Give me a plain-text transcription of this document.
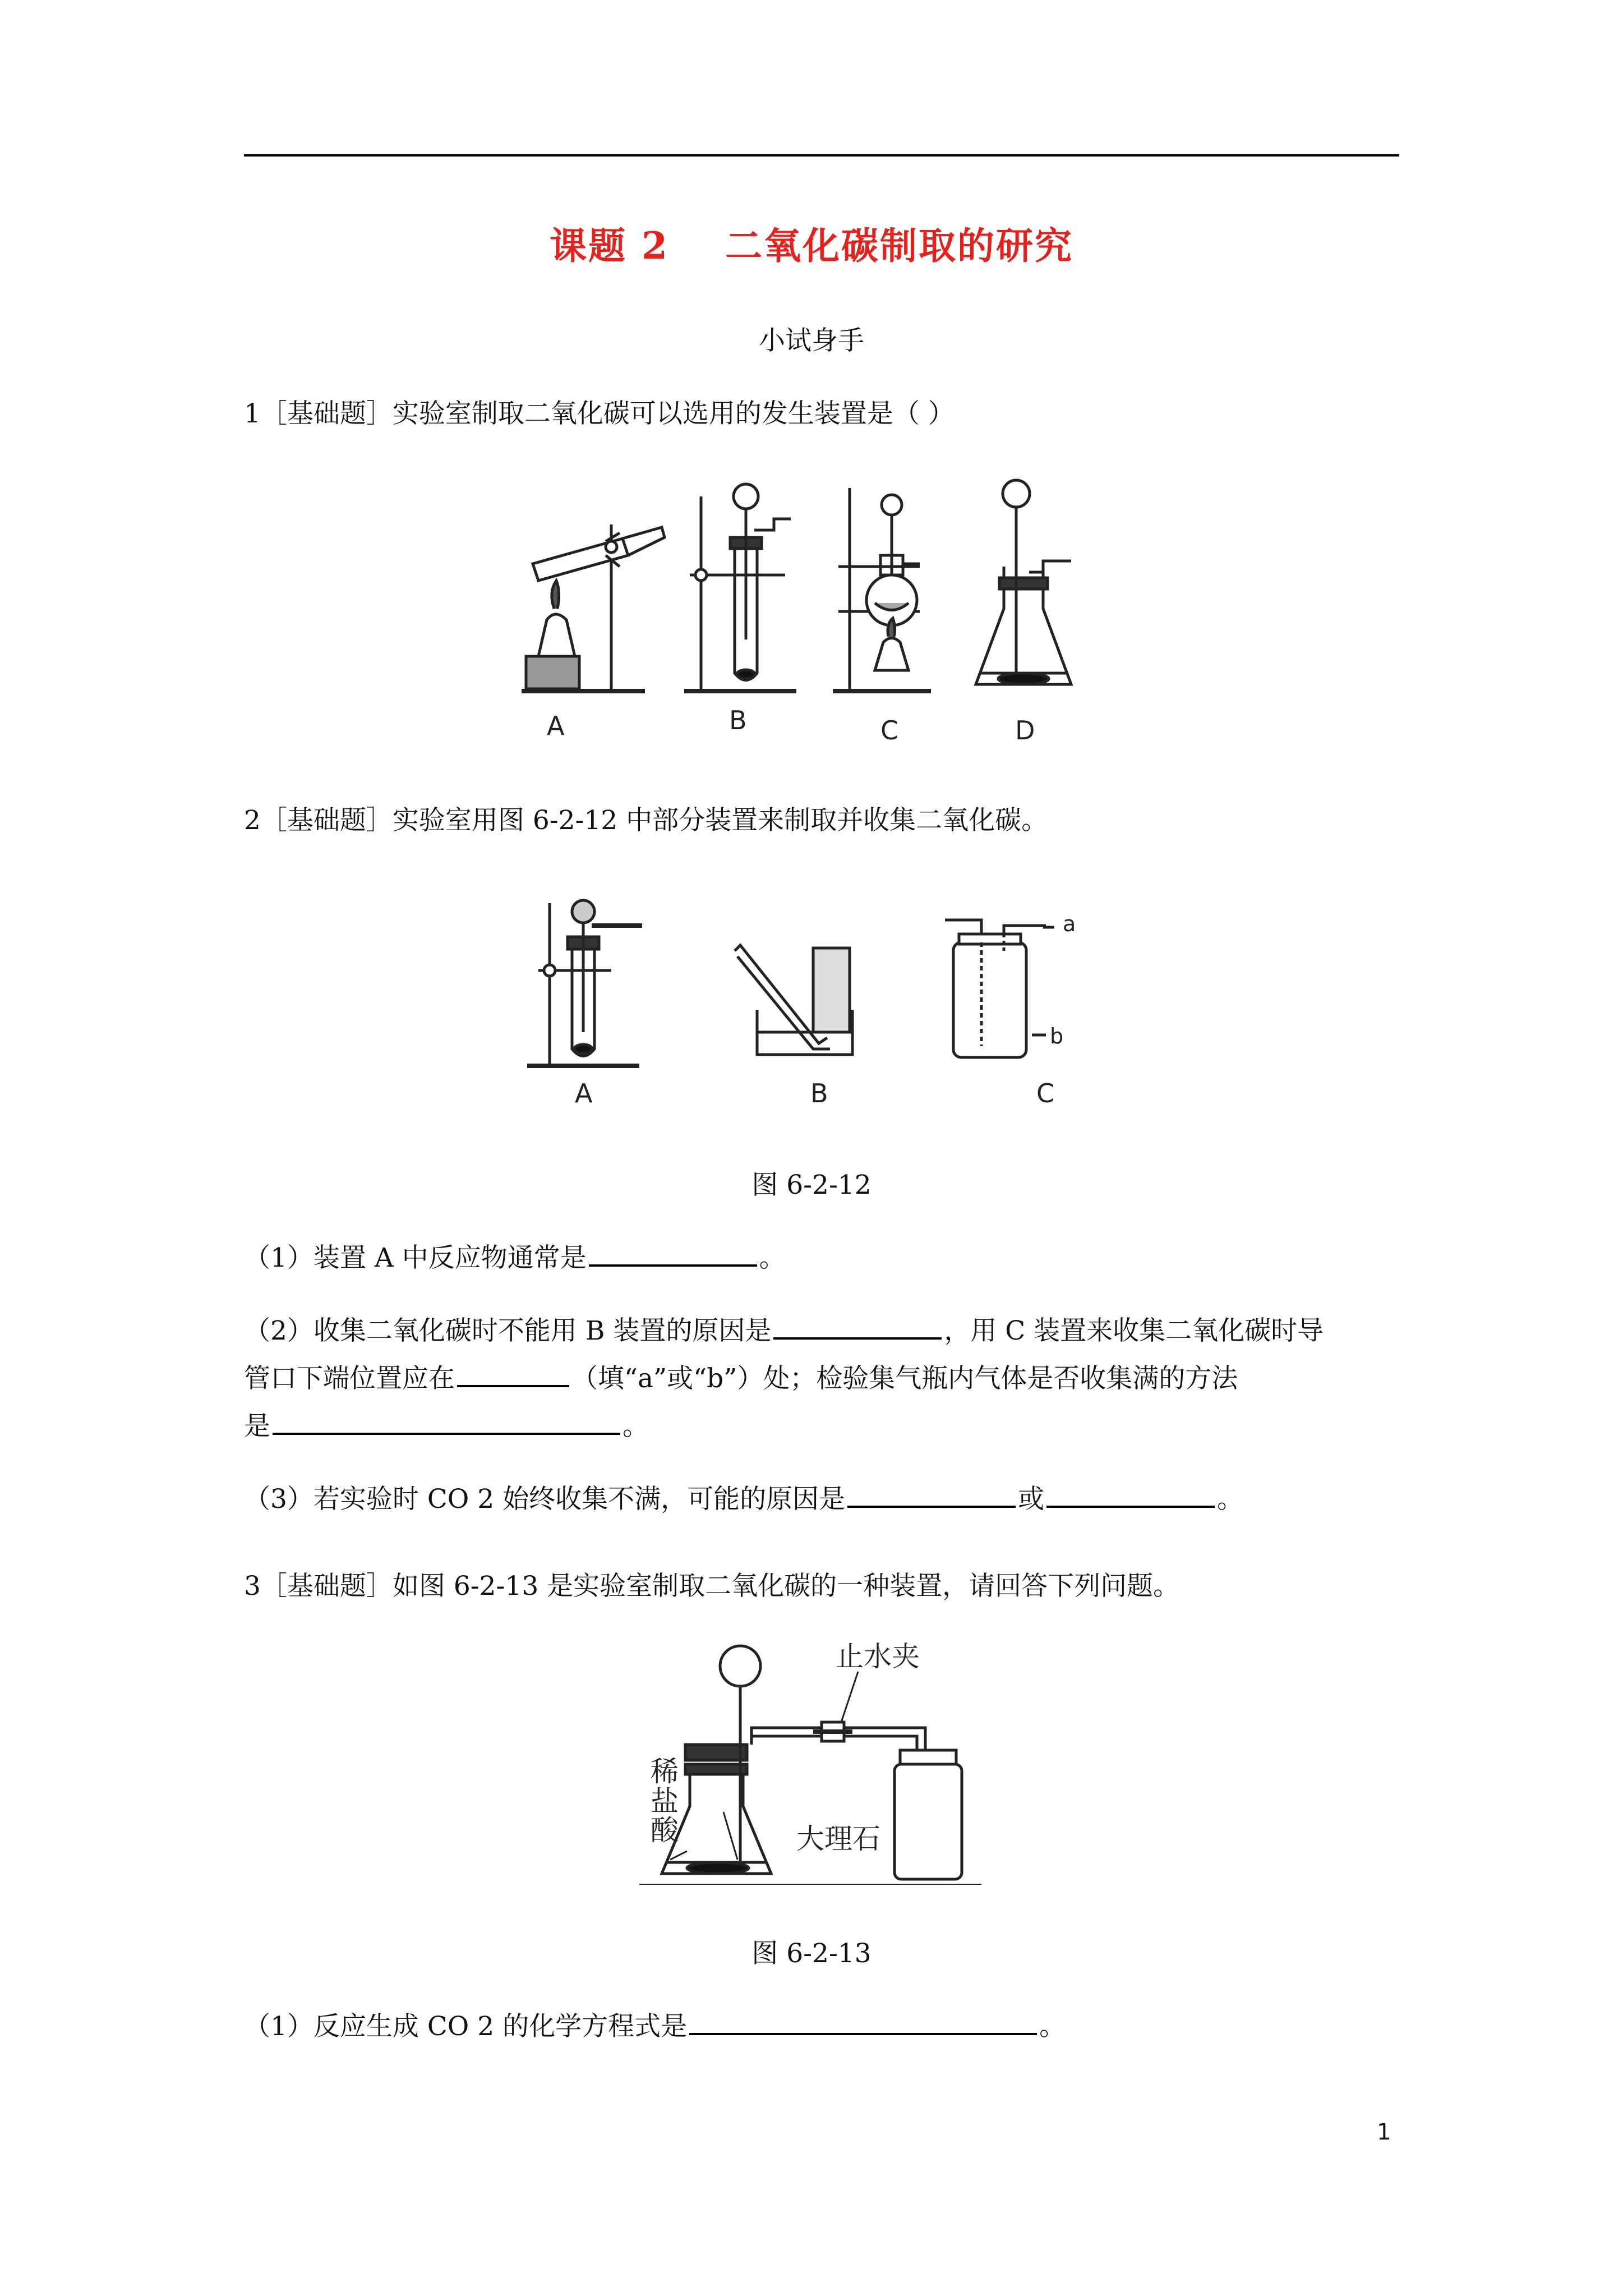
课题 2 二氧化碳制取的研究
小试身手
1［基础题］实验室制取二氧化碳可以选用的发生装置是（ ）
A	B	C	D
2［基础题］实验室用图 6-2-12 中部分装置来制取并收集二氧化碳。
a
b
A	B	C
图 6-2-12
（1）装置 A 中反应物通常是	。
（2）收集二氧化碳时不能用 B 装置的原因是	，用 C 装置来收集二氧化碳时导
管口下端位置应在	（填“a”或“b”）处；检验集气瓶内气体是否收集满的方法
是	。
（3）若实验时 CO 2 始终收集不满，可能的原因是	或	。
3［基础题］如图 6-2-13 是实验室制取二氧化碳的一种装置，请回答下列问题。
止水夹
稀
盐
酸	大理石
图 6-2-13
（1）反应生成 CO 2 的化学方程式是	。
1
